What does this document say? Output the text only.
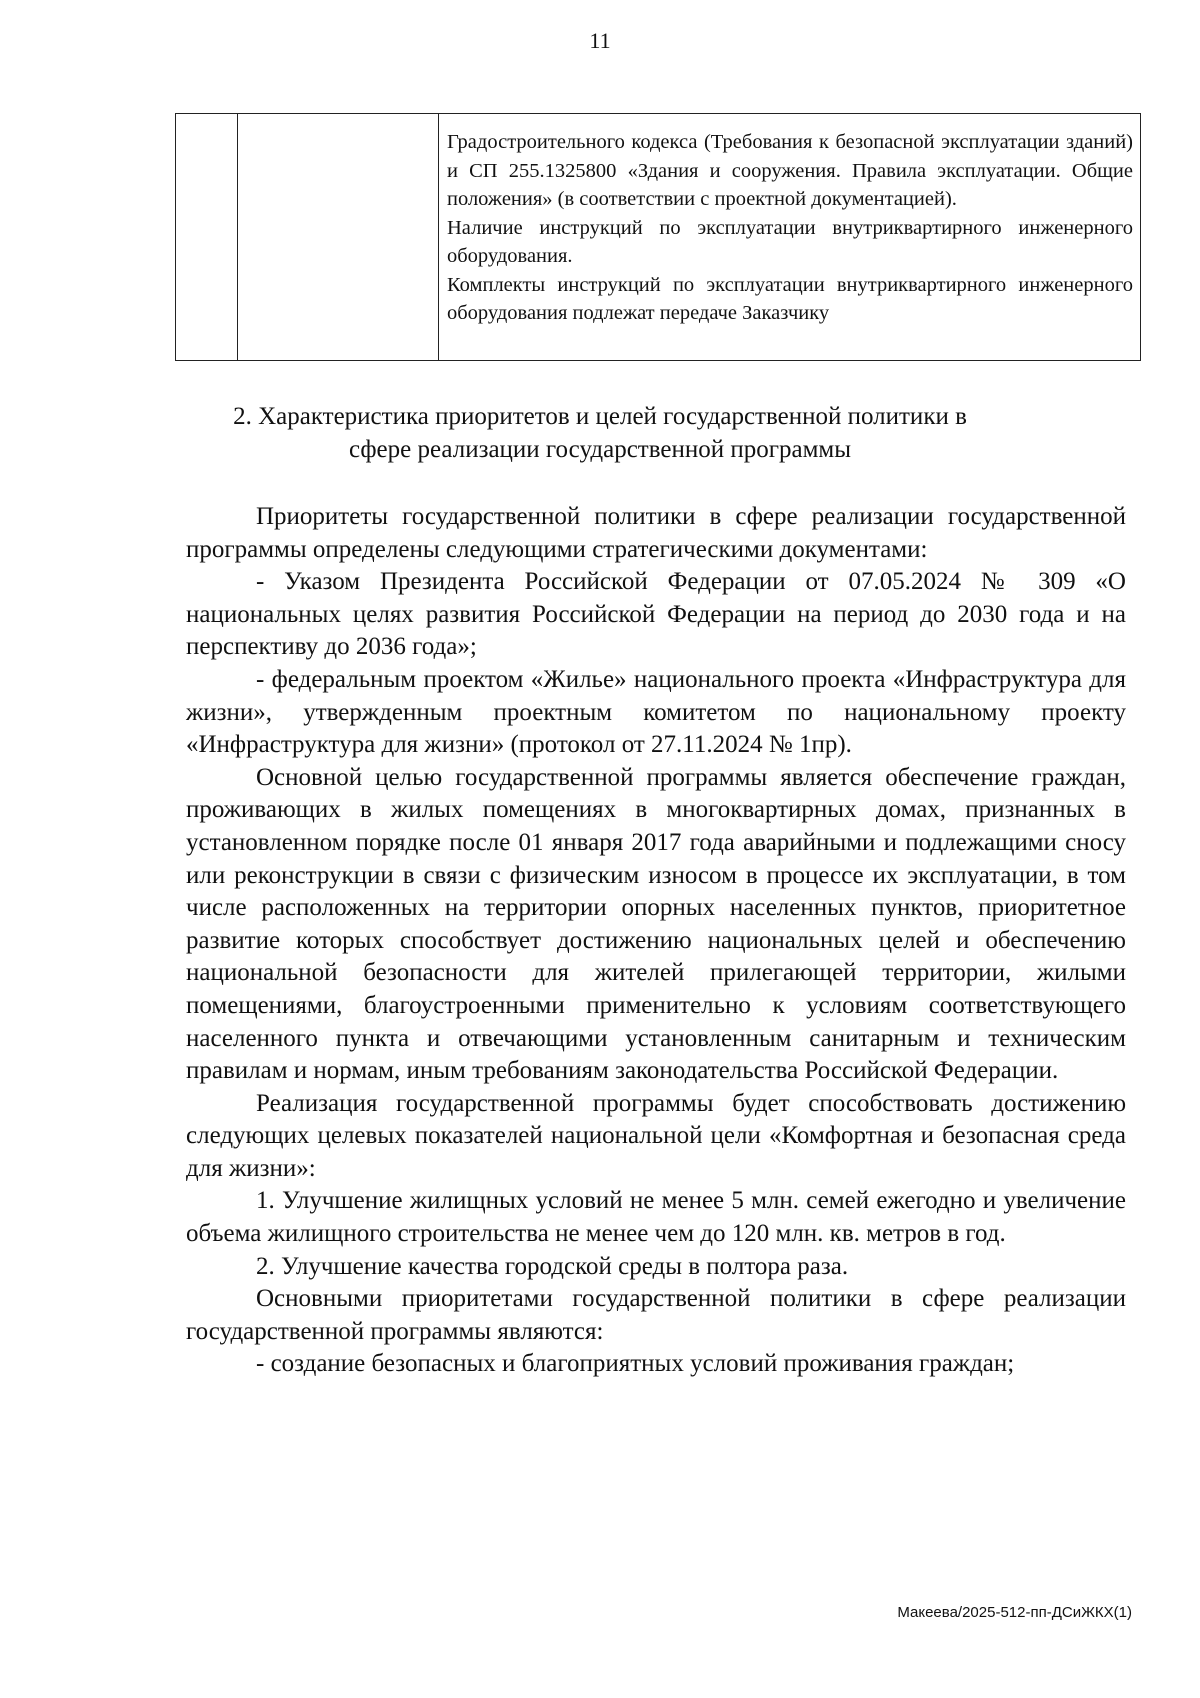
11

Градостроительного кодекса (Требования к безопасной эксплуатации зданий) и СП 255.1325800 «Здания и сооружения. Правила эксплуатации. Общие положения» (в соответствии с проектной документацией).

Наличие инструкций по эксплуатации внутриквартирного инженерного оборудования.

Комплекты инструкций по эксплуатации внутриквартирного инженерного оборудования подлежат передаче Заказчику

2. Характеристика приоритетов и целей государственной политики в
сфере реализации государственной программы

Приоритеты государственной политики в сфере реализации государственной программы определены следующими стратегическими документами:

- Указом Президента Российской Федерации от 07.05.2024 № 309 «О национальных целях развития Российской Федерации на период до 2030 года и на перспективу до 2036 года»;

- федеральным проектом «Жилье» национального проекта «Инфраструктура для жизни», утвержденным проектным комитетом по национальному проекту «Инфраструктура для жизни» (протокол от 27.11.2024 № 1пр).

Основной целью государственной программы является обеспечение граждан, проживающих в жилых помещениях в многоквартирных домах, признанных в установленном порядке после 01 января 2017 года аварийными и подлежащими сносу или реконструкции в связи с физическим износом в процессе их эксплуатации, в том числе расположенных на территории опорных населенных пунктов, приоритетное развитие которых способствует достижению национальных целей и обеспечению национальной безопасности для жителей прилегающей территории, жилыми помещениями, благоустроенными применительно к условиям соответствующего населенного пункта и отвечающими установленным санитарным и техническим правилам и нормам, иным требованиям законодательства Российской Федерации.

Реализация государственной программы будет способствовать достижению следующих целевых показателей национальной цели «Комфортная и безопасная среда для жизни»:

1. Улучшение жилищных условий не менее 5 млн. семей ежегодно и увеличение объема жилищного строительства не менее чем до 120 млн. кв. метров в год.

2. Улучшение качества городской среды в полтора раза.

Основными приоритетами государственной политики в сфере реализации государственной программы являются:

- создание безопасных и благоприятных условий проживания граждан;

Макеева/2025-512-пп-ДСиЖКХ(1)
